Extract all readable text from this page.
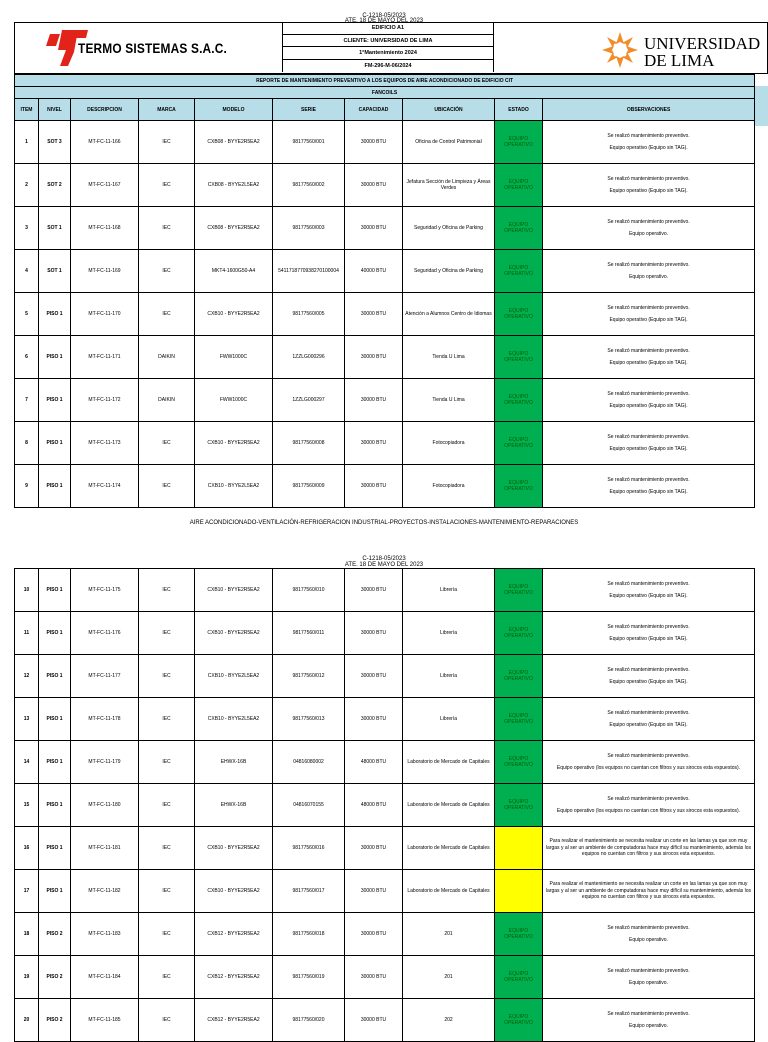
C-1218-05/2023
ATE. 18 DE MAYO DEL 2023
TERMO SISTEMAS S.A.C.
EDIFICIO A1
CLIENTE: UNIVERSIDAD DE LIMA
1°Mantenimiento 2024
FM-296-M-06/2024
UNIVERSIDAD
DE LIMA
REPORTE DE MANTENIMIENTO PREVENTIVO A LOS EQUIPOS DE AIRE ACONDICIONADO DE EDIFICIO CIT									
FANCOILS									
ITEM	NIVEL	DESCRIPCION	MARCA	MODELO	SERIE	CAPACIDAD	UBICACIÓN	ESTADO	OBSERVACIONES
1	SOT 3	MT-FC-11-166	IEC	CXB08 - BYYE2R5EA2	98177560/001	30000 BTU	Oficina de Control Patrimonial	EQUIPO OPERATIVO	Se realizó mantenimiento preventivo.
Equipo operativo (Equipo sin TAG).

2	SOT 2	MT-FC-11-167	IEC	CXB08 - BYYE2L5EA2	98177560/002	30000 BTU	Jefatura Sección de Limpieza y Áreas Verdes	EQUIPO OPERATIVO	Se realizó mantenimiento preventivo.
Equipo operativo (Equipo sin TAG).

3	SOT 1	MT-FC-11-168	IEC	CXB08 - BYYE2R5EA2	98177560/003	30000 BTU	Seguridad y Oficina de Parking	EQUIPO OPERATIVO	Se realizó mantenimiento preventivo.
Equipo operativo.

4	SOT 1	MT-FC-11-169	IEC	MKT4-1600G50-A4	5411718770938270100004	40000 BTU	Seguridad y Oficina de Parking	EQUIPO OPERATIVO	Se realizó mantenimiento preventivo.
Equipo operativo.

5	PISO 1	MT-FC-11-170	IEC	CXB10 - BYYE2R5EA2	98177560/005	30000 BTU	Atención a Alumnos Centro de Idiomas	EQUIPO OPERATIVO	Se realizó mantenimiento preventivo.
Equipo operativo (Equipo sin TAG).

6	PISO 1	MT-FC-11-171	DAIKIN	FWW1000C	1ZZLG000296	30000 BTU	Tienda U Lima	EQUIPO OPERATIVO	Se realizó mantenimiento preventivo.
Equipo operativo (Equipo sin TAG).

7	PISO 1	MT-FC-11-172	DAIKIN	FWW1000C	1ZZLG000297	30000 BTU	Tienda U Lima	EQUIPO OPERATIVO	Se realizó mantenimiento preventivo.
Equipo operativo (Equipo sin TAG).

8	PISO 1	MT-FC-11-173	IEC	CXB10 - BYYE2R5EA2	98177560/008	30000 BTU	Fotocopiadora	EQUIPO OPERATIVO	Se realizó mantenimiento preventivo.
Equipo operativo (Equipo sin TAG).

9	PISO 1	MT-FC-11-174	IEC	CXB10 - BYYE2L5EA2	98177560/009	30000 BTU	Fotocopiadora	EQUIPO OPERATIVO	Se realizó mantenimiento preventivo.
Equipo operativo (Equipo sin TAG).
AIRE ACONDICIONADO-VENTILACIÓN-REFRIGERACION INDUSTRIAL-PROYECTOS-INSTALACIONES-MANTENIMIENTO-REPARACIONES
C-1218-05/2023
ATE. 18 DE MAYO DEL 2023
10	PISO 1	MT-FC-11-175	IEC	CXB10 - BYYE2R5EA2	98177560/010	30000 BTU	Librería	EQUIPO OPERATIVO	Se realizó mantenimiento preventivo.
Equipo operativo (Equipo sin TAG).

11	PISO 1	MT-FC-11-176	IEC	CXB10 - BYYE2R5EA2	98177560/011	30000 BTU	Librería	EQUIPO OPERATIVO	Se realizó mantenimiento preventivo.
Equipo operativo (Equipo sin TAG).

12	PISO 1	MT-FC-11-177	IEC	CXB10 - BYYE2L5EA2	98177560/012	30000 BTU	Librería	EQUIPO OPERATIVO	Se realizó mantenimiento preventivo.
Equipo operativo (Equipo sin TAG).

13	PISO 1	MT-FC-11-178	IEC	CXB10 - BYYE2L5EA2	98177560/013	30000 BTU	Librería	EQUIPO OPERATIVO	Se realizó mantenimiento preventivo.
Equipo operativo (Equipo sin TAG).

14	PISO 1	MT-FC-11-179	IEC	EHWX-16B	04816080002	48000 BTU	Laboratorio de Mercado de Capitales	EQUIPO OPERATIVO	Se realizó mantenimiento preventivo.
Equipo operativo (los equipos no cuentan con filtros y sus sirocos esta expuestos).

15	PISO 1	MT-FC-11-180	IEC	EHWX-16B	04816070155	48000 BTU	Laboratorio de Mercado de Capitales	EQUIPO OPERATIVO	Se realizó mantenimiento preventivo.
Equipo operativo (los equipos no cuentan con filtros y sus sirocos esta expuestos).

16	PISO 1	MT-FC-11-181	IEC	CXB10 - BYYE2R5EA2	98177560/016	30000 BTU	Laboratorio de Mercado de Capitales		Para realizar el mantenimiento se necesita realizar un corte en las lamas ya que son muy largas y al ser un ambiente de computadoras hace muy difícil su mantenimiento, además los equipos no cuentan con filtros y sus sirocos esta expuestos.

17	PISO 1	MT-FC-11-182	IEC	CXB10 - BYYE2R5EA2	98177560/017	30000 BTU	Laboratorio de Mercado de Capitales		Para realizar el mantenimiento se necesita realizar un corte en las lamas ya que son muy largas y al ser un ambiente de computadoras hace muy difícil su mantenimiento, además los equipos no cuentan con filtros y sus sirocos esta expuestos.

18	PISO 2	MT-FC-11-183	IEC	CXB12 - BYYE2R5EA2	98177560/018	30000 BTU	201	EQUIPO OPERATIVO	Se realizó mantenimiento preventivo.
Equipo operativo.

19	PISO 2	MT-FC-11-184	IEC	CXB12 - BYYE2R5EA2	98177560/019	30000 BTU	201	EQUIPO OPERATIVO	Se realizó mantenimiento preventivo.
Equipo operativo.

20	PISO 2	MT-FC-11-185	IEC	CXB12 - BYYE2R5EA2	98177560/020	30000 BTU	202	EQUIPO OPERATIVO	Se realizó mantenimiento preventivo.
Equipo operativo.
